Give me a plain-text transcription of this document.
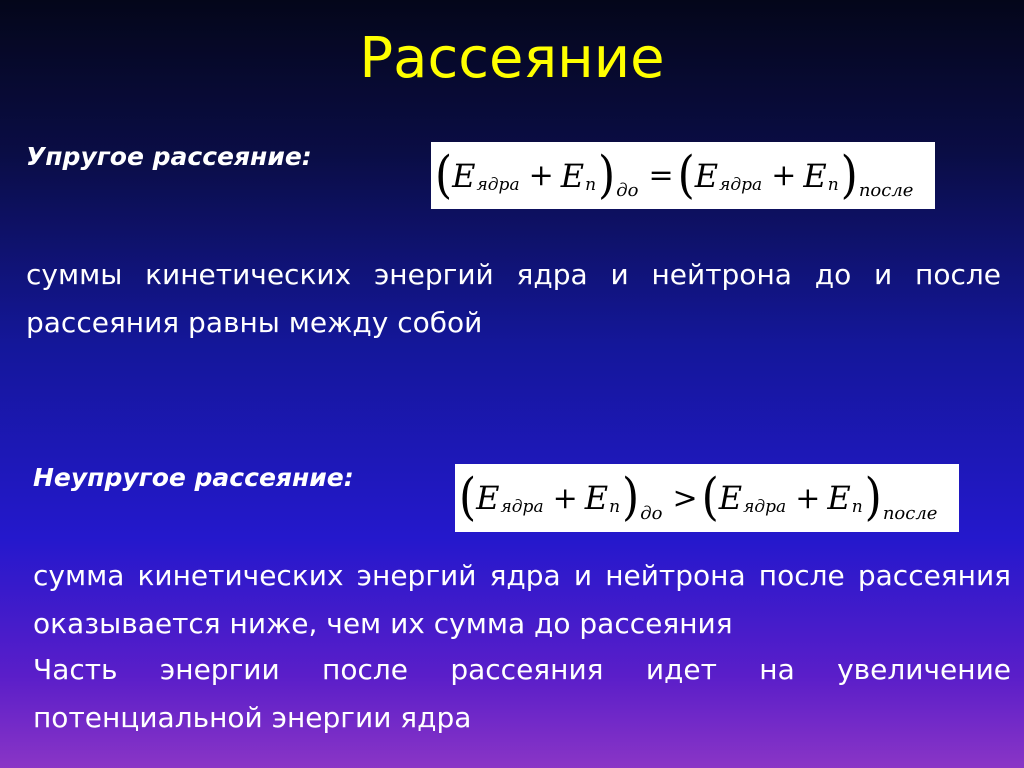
Рассеяние
Упругое рассеяние:	( E ядра + E n ) до = ( E ядра + E n ) после
суммы кинетических энергий ядра и нейтрона до и после рассеяния равны между собой
Неупругое рассеяние: ( E ядра + E n ) до > ( E ядра + E n ) после
сумма кинетических энергий ядра и нейтрона после рассеяния оказывается ниже, чем их сумма до рассеяния
Часть энергии после рассеяния идет на увеличение потенциальной энергии ядра
